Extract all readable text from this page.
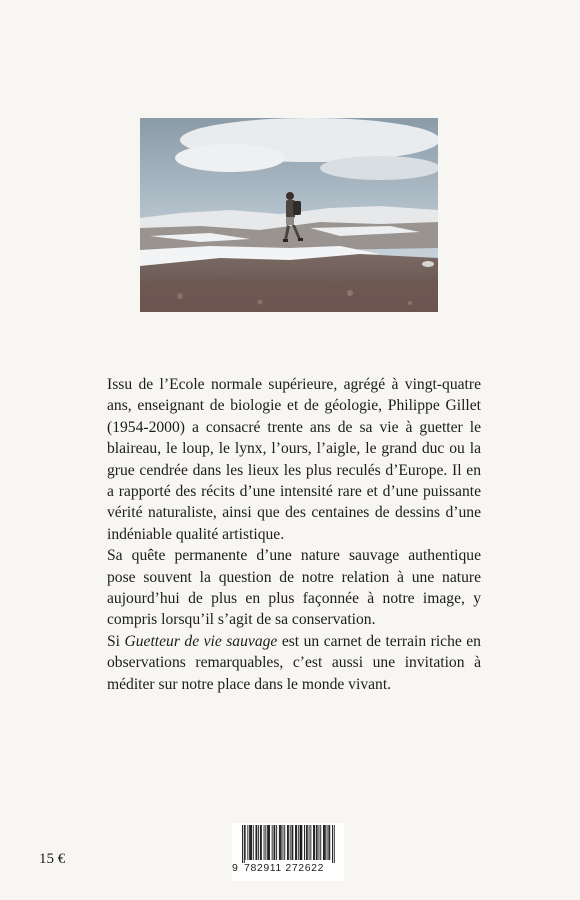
Issu de l’Ecole normale supérieure, agrégé à vingt-quatre ans, enseignant de biologie et de géologie, Philippe Gillet (1954-2000) a consacré trente ans de sa vie à guetter le blaireau, le loup, le lynx, l’ours, l’aigle, le grand duc ou la grue cendrée dans les lieux les plus reculés d’Europe. Il en a rapporté des récits d’une intensité rare et d’une puissante vérité naturaliste, ainsi que des centaines de dessins d’une indéniable qualité artistique.

Sa quête permanente d’une nature sauvage authentique pose souvent la question de notre relation à une nature aujourd’hui de plus en plus façonnée à notre image, y compris lorsqu’il s’agit de sa conservation.

Si Guetteur de vie sauvage est un carnet de terrain riche en observations remarquables, c’est aussi une invitation à méditer sur notre place dans le monde vivant.

15 €
9 782911 272622
